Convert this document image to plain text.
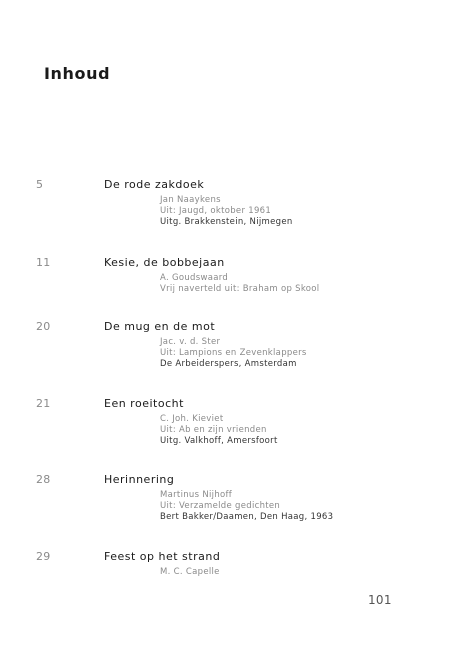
Inhoud
5	De rode zakdoek
Jan Naaykens
Uit: Jaugd, oktober 1961
Uitg. Brakkenstein, Nijmegen
11	Kesie, de bobbejaan
A. Goudswaard
Vrij naverteld uit: Braham op Skool
20	De mug en de mot
Jac. v. d. Ster
Uit: Lampions en Zevenklappers
De Arbeiderspers, Amsterdam
21	Een roeitocht
C. Joh. Kieviet
Uit: Ab en zijn vrienden
Uitg. Valkhoff, Amersfoort
28	Herinnering
Martinus Nijhoff
Uit: Verzamelde gedichten
Bert Bakker/Daamen, Den Haag, 1963
29	Feest op het strand
M. C. Capelle
101
